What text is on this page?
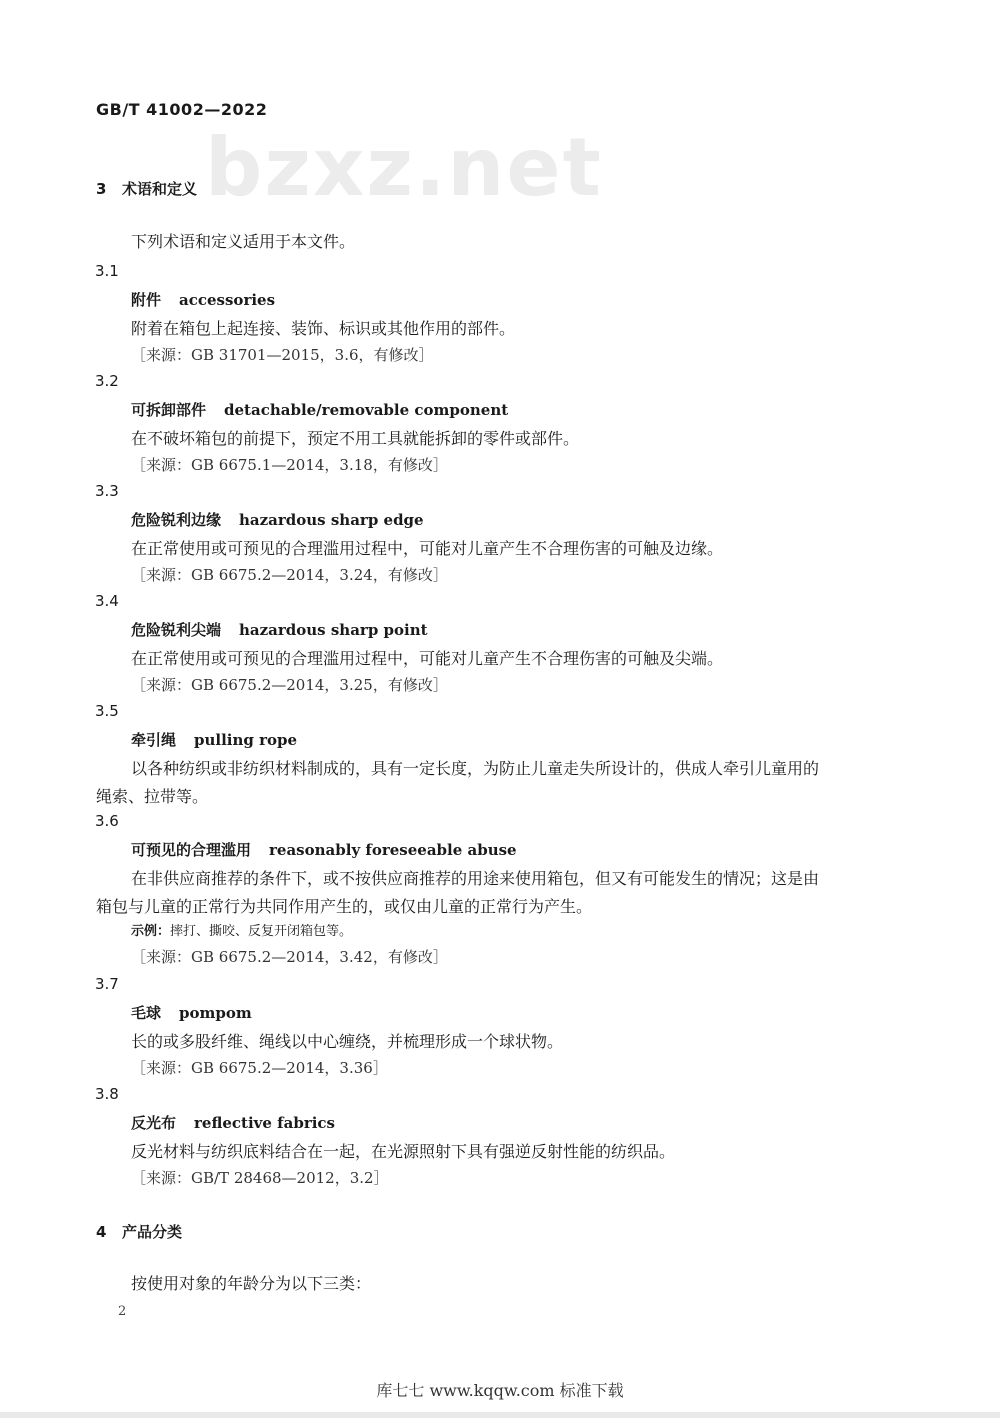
GB/T 41002—2022
bzxz.net
3 术语和定义
下列术语和定义适用于本文件。
3.1
附件 accessories
附着在箱包上起连接、装饰、标识或其他作用的部件。
［来源：GB 31701—2015，3.6，有修改］
3.2
可拆卸部件 detachable/removable component
在不破坏箱包的前提下，预定不用工具就能拆卸的零件或部件。
［来源：GB 6675.1—2014，3.18，有修改］
3.3
危险锐利边缘 hazardous sharp edge
在正常使用或可预见的合理滥用过程中，可能对儿童产生不合理伤害的可触及边缘。
［来源：GB 6675.2—2014，3.24，有修改］
3.4
危险锐利尖端 hazardous sharp point
在正常使用或可预见的合理滥用过程中，可能对儿童产生不合理伤害的可触及尖端。
［来源：GB 6675.2—2014，3.25，有修改］
3.5
牵引绳 pulling rope
以各种纺织或非纺织材料制成的，具有一定长度，为防止儿童走失所设计的，供成人牵引儿童用的
绳索、拉带等。
3.6
可预见的合理滥用 reasonably foreseeable abuse
在非供应商推荐的条件下，或不按供应商推荐的用途来使用箱包，但又有可能发生的情况；这是由
箱包与儿童的正常行为共同作用产生的，或仅由儿童的正常行为产生。
示例：摔打、撕咬、反复开闭箱包等。
［来源：GB 6675.2—2014，3.42，有修改］
3.7
毛球 pompom
长的或多股纤维、绳线以中心缠绕，并梳理形成一个球状物。
［来源：GB 6675.2—2014，3.36］
3.8
反光布 reflective fabrics
反光材料与纺织底料结合在一起，在光源照射下具有强逆反射性能的纺织品。
［来源：GB/T 28468—2012，3.2］
4 产品分类
按使用对象的年龄分为以下三类：
2
库七七 www.kqqw.com 标准下载
